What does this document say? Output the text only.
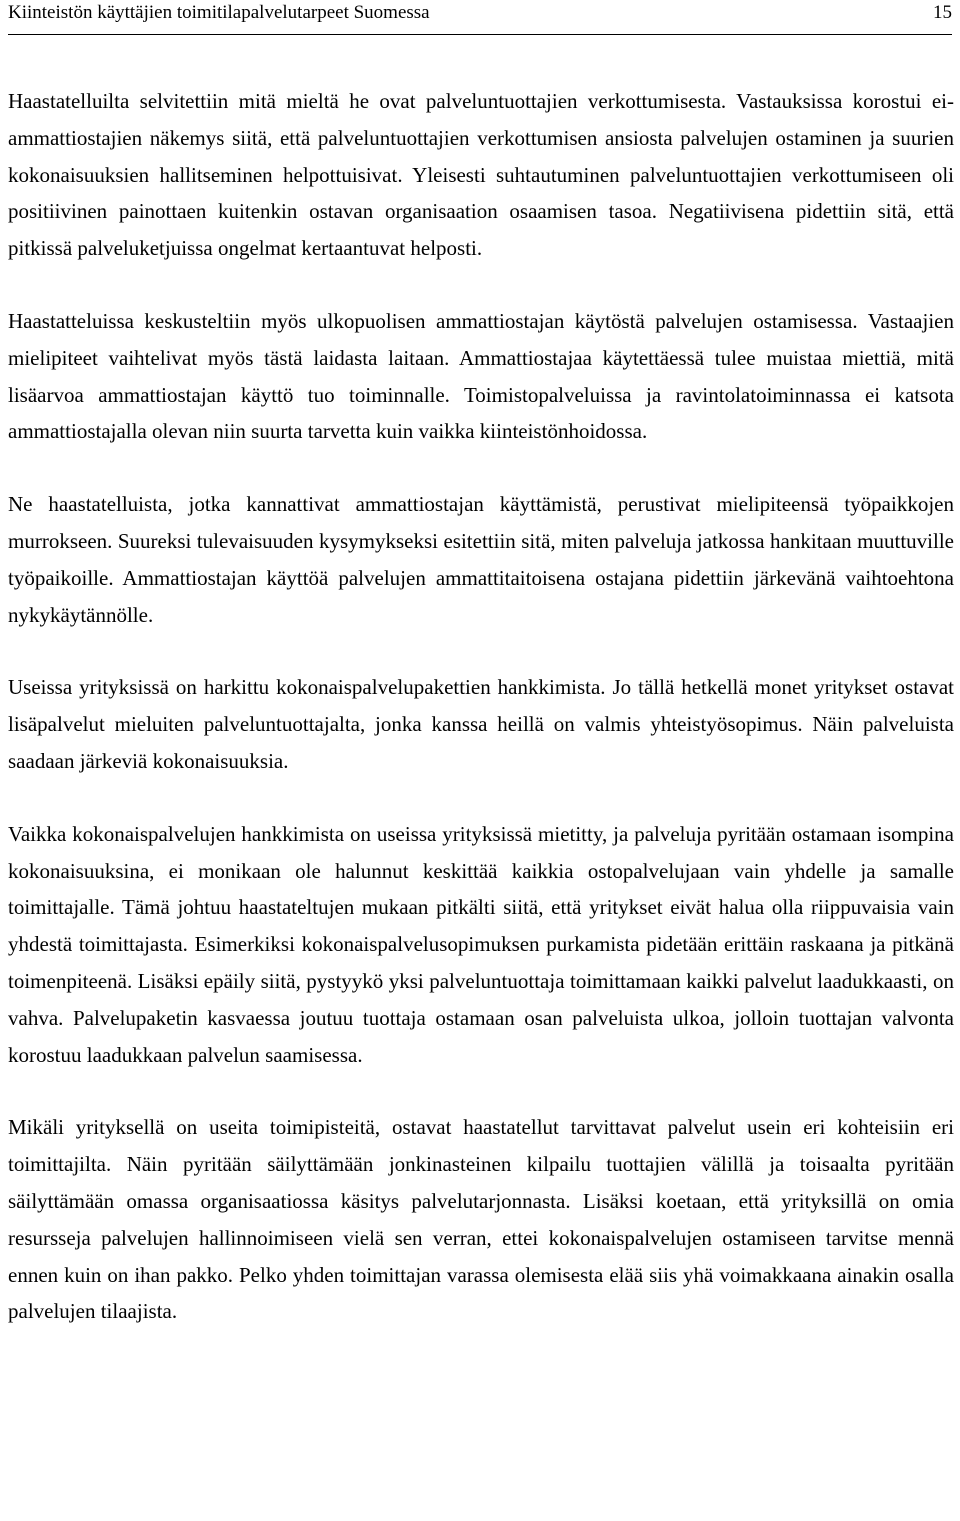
Kiinteistön käyttäjien toimitilapalvelutarpeet Suomessa	15

Haastatelluilta selvitettiin mitä mieltä he ovat palveluntuottajien verkottumisesta. Vastauksissa korostui ei-ammattiostajien näkemys siitä, että palveluntuottajien verkottumisen ansiosta palvelujen ostaminen ja suurien kokonaisuuksien hallitseminen helpottuisivat. Yleisesti suhtautuminen palveluntuottajien verkottumiseen oli positiivinen painottaen kuitenkin ostavan organisaation osaamisen tasoa. Negatiivisena pidettiin sitä, että pitkissä palveluketjuissa ongelmat kertaantuvat helposti.

Haastatteluissa keskusteltiin myös ulkopuolisen ammattiostajan käytöstä palvelujen ostamisessa. Vastaajien mielipiteet vaihtelivat myös tästä laidasta laitaan. Ammattiostajaa käytettäessä tulee muistaa miettiä, mitä lisäarvoa ammattiostajan käyttö tuo toiminnalle. Toimistopalveluissa ja ravintolatoiminnassa ei katsota ammattiostajalla olevan niin suurta tarvetta kuin vaikka kiinteistönhoidossa.

Ne haastatelluista, jotka kannattivat ammattiostajan käyttämistä, perustivat mielipiteensä työpaikkojen murrokseen. Suureksi tulevaisuuden kysymykseksi esitettiin sitä, miten palveluja jatkossa hankitaan muuttuville työpaikoille. Ammattiostajan käyttöä palvelujen ammattitaitoisena ostajana pidettiin järkevänä vaihtoehtona nykykäytännölle.

Useissa yrityksissä on harkittu kokonaispalvelupakettien hankkimista. Jo tällä hetkellä monet yritykset ostavat lisäpalvelut mieluiten palveluntuottajalta, jonka kanssa heillä on valmis yhteistyösopimus. Näin palveluista saadaan järkeviä kokonaisuuksia.

Vaikka kokonaispalvelujen hankkimista on useissa yrityksissä mietitty, ja palveluja pyritään ostamaan isompina kokonaisuuksina, ei monikaan ole halunnut keskittää kaikkia ostopalvelujaan vain yhdelle ja samalle toimittajalle. Tämä johtuu haastateltujen mukaan pitkälti siitä, että yritykset eivät halua olla riippuvaisia vain yhdestä toimittajasta. Esimerkiksi kokonaispalvelusopimuksen purkamista pidetään erittäin raskaana ja pitkänä toimenpiteenä. Lisäksi epäily siitä, pystyykö yksi palveluntuottaja toimittamaan kaikki palvelut laadukkaasti, on vahva. Palvelupaketin kasvaessa joutuu tuottaja ostamaan osan palveluista ulkoa, jolloin tuottajan valvonta korostuu laadukkaan palvelun saamisessa.

Mikäli yrityksellä on useita toimipisteitä, ostavat haastatellut tarvittavat palvelut usein eri kohteisiin eri toimittajilta. Näin pyritään säilyttämään jonkinasteinen kilpailu tuottajien välillä ja toisaalta pyritään säilyttämään omassa organisaatiossa käsitys palvelutarjonnasta. Lisäksi koetaan, että yrityksillä on omia resursseja palvelujen hallinnoimiseen vielä sen verran, ettei kokonaispalvelujen ostamiseen tarvitse mennä ennen kuin on ihan pakko. Pelko yhden toimittajan varassa olemisesta elää siis yhä voimakkaana ainakin osalla palvelujen tilaajista.
